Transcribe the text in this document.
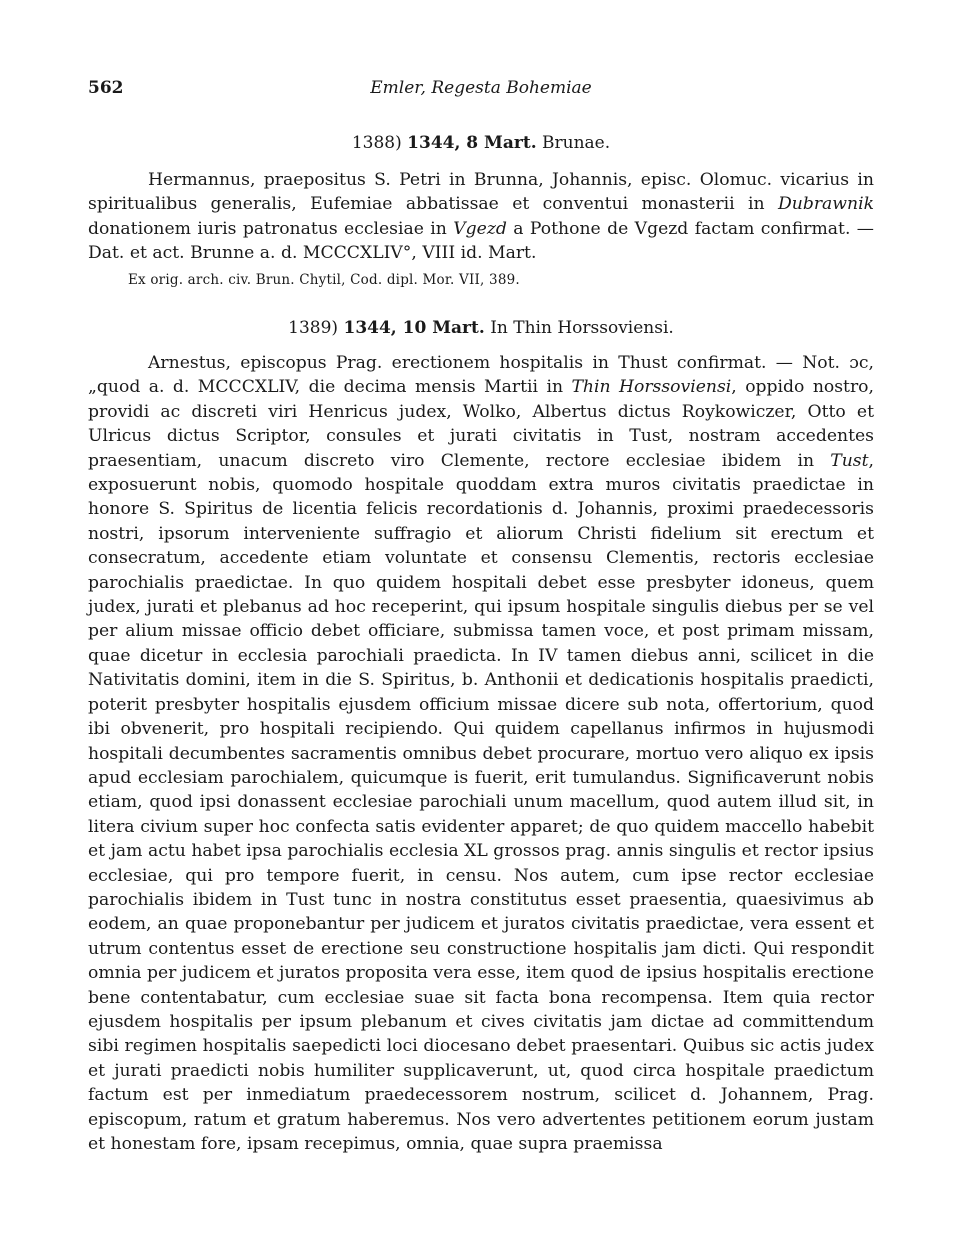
562	Emler, Regesta Bohemiae
1388) 1344, 8 Mart. Brunae.

Hermannus, praepositus S. Petri in Brunna, Johannis, episc. Olomuc. vicarius in spiritualibus generalis, Eufemiae abbatissae et conventui monasterii in Dubrawnik donationem iuris patronatus ecclesiae in Vgezd a Pothone de Vgezd factam confirmat. — Dat. et act. Brunne a. d. MCCCXLIV°, VIII id. Mart.

Ex orig. arch. civ. Brun. Chytil, Cod. dipl. Mor. VII, 389.
1389) 1344, 10 Mart. In Thin Horssoviensi.

Arnestus, episcopus Prag. erectionem hospitalis in Thust confirmat. — Not. ɔc, „quod a. d. MCCCXLIV, die decima mensis Martii in Thin Horssoviensi, oppido nostro, providi ac discreti viri Henricus judex, Wolko, Albertus dictus Roykowiczer, Otto et Ulricus dictus Scriptor, consules et jurati civitatis in Tust, nostram accedentes praesentiam, unacum discreto viro Clemente, rectore ecclesiae ibidem in Tust, exposuerunt nobis, quomodo hospitale quoddam extra muros civitatis praedictae in honore S. Spiritus de licentia felicis recordationis d. Johannis, proximi praedecessoris nostri, ipsorum interveniente suffragio et aliorum Christi fidelium sit erectum et consecratum, accedente etiam voluntate et consensu Clementis, rectoris ecclesiae parochialis praedictae. In quo quidem hospitali debet esse presbyter idoneus, quem judex, jurati et plebanus ad hoc receperint, qui ipsum hospitale singulis diebus per se vel per alium missae officio debet officiare, submissa tamen voce, et post primam missam, quae dicetur in ecclesia parochiali praedicta. In IV tamen diebus anni, scilicet in die Nativitatis domini, item in die S. Spiritus, b. Anthonii et dedicationis hospitalis praedicti, poterit presbyter hospitalis ejusdem officium missae dicere sub nota, offertorium, quod ibi obvenerit, pro hospitali recipiendo. Qui quidem capellanus infirmos in hujusmodi hospitali decumbentes sacramentis omnibus debet procurare, mortuo vero aliquo ex ipsis apud ecclesiam parochialem, quicumque is fuerit, erit tumulandus. Significaverunt nobis etiam, quod ipsi donassent ecclesiae parochiali unum macellum, quod autem illud sit, in litera civium super hoc confecta satis evidenter apparet; de quo quidem maccello habebit et jam actu habet ipsa parochialis ecclesia XL grossos prag. annis singulis et rector ipsius ecclesiae, qui pro tempore fuerit, in censu. Nos autem, cum ipse rector ecclesiae parochialis ibidem in Tust tunc in nostra constitutus esset praesentia, quaesivimus ab eodem, an quae proponebantur per judicem et juratos civitatis praedictae, vera essent et utrum contentus esset de erectione seu constructione hospitalis jam dicti. Qui respondit omnia per judicem et juratos proposita vera esse, item quod de ipsius hospitalis erectione bene contentabatur, cum ecclesiae suae sit facta bona recompensa. Item quia rector ejusdem hospitalis per ipsum plebanum et cives civitatis jam dictae ad committendum sibi regimen hospitalis saepedicti loci diocesano debet praesentari. Quibus sic actis judex et jurati praedicti nobis humiliter supplicaverunt, ut, quod circa hospitale praedictum factum est per inmediatum praedecessorem nostrum, scilicet d. Johannem, Prag. episcopum, ratum et gratum haberemus. Nos vero advertentes petitionem eorum justam et honestam fore, ipsam recepimus, omnia, quae supra praemissa
